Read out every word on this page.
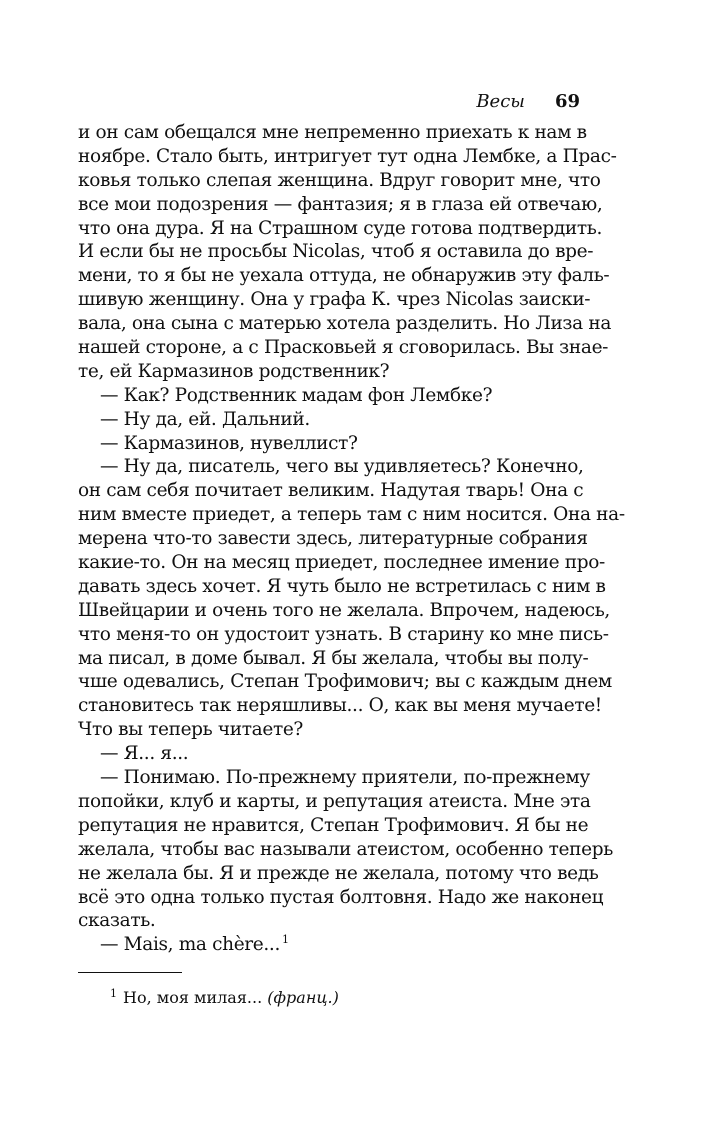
Весы 69
и он сам обещался мне непременно приехать к нам в
ноябре. Стало быть, интригует тут одна Лембке, а Прас-
ковья только слепая женщина. Вдруг говорит мне, что
все мои подозрения — фантазия; я в глаза ей отвечаю,
что она дура. Я на Страшном суде готова подтвердить.
И если бы не просьбы Nicolas, чтоб я оставила до вре-
мени, то я бы не уехала оттуда, не обнаружив эту фаль-
шивую женщину. Она у графа К. чрез Nicolas заиски-
вала, она сына с матерью хотела разделить. Но Лиза на
нашей стороне, а с Прасковьей я сговорилась. Вы знае-
те, ей Кармазинов родственник?
— Как? Родственник мадам фон Лембке?
— Ну да, ей. Дальний.
— Кармазинов, нувеллист?
— Ну да, писатель, чего вы удивляетесь? Конечно,
он сам себя почитает великим. Надутая тварь! Она с
ним вместе приедет, а теперь там с ним носится. Она на-
мерена что-то завести здесь, литературные собрания
какие-то. Он на месяц приедет, последнее имение про-
давать здесь хочет. Я чуть было не встретилась с ним в
Швейцарии и очень того не желала. Впрочем, надеюсь,
что меня-то он удостоит узнать. В старину ко мне пись-
ма писал, в доме бывал. Я бы желала, чтобы вы полу-
чше одевались, Степан Трофимович; вы с каждым днем
становитесь так неряшливы... О, как вы меня мучаете!
Что вы теперь читаете?
— Я... я...
— Понимаю. По-прежнему приятели, по-прежнему
попойки, клуб и карты, и репутация атеиста. Мне эта
репутация не нравится, Степан Трофимович. Я бы не
желала, чтобы вас называли атеистом, особенно теперь
не желала бы. Я и прежде не желала, потому что ведь
всё это одна только пустая болтовня. Надо же наконец
сказать.
— Mais, ma chère... $^1$
$^1$ Но, моя милая... (франц.)
